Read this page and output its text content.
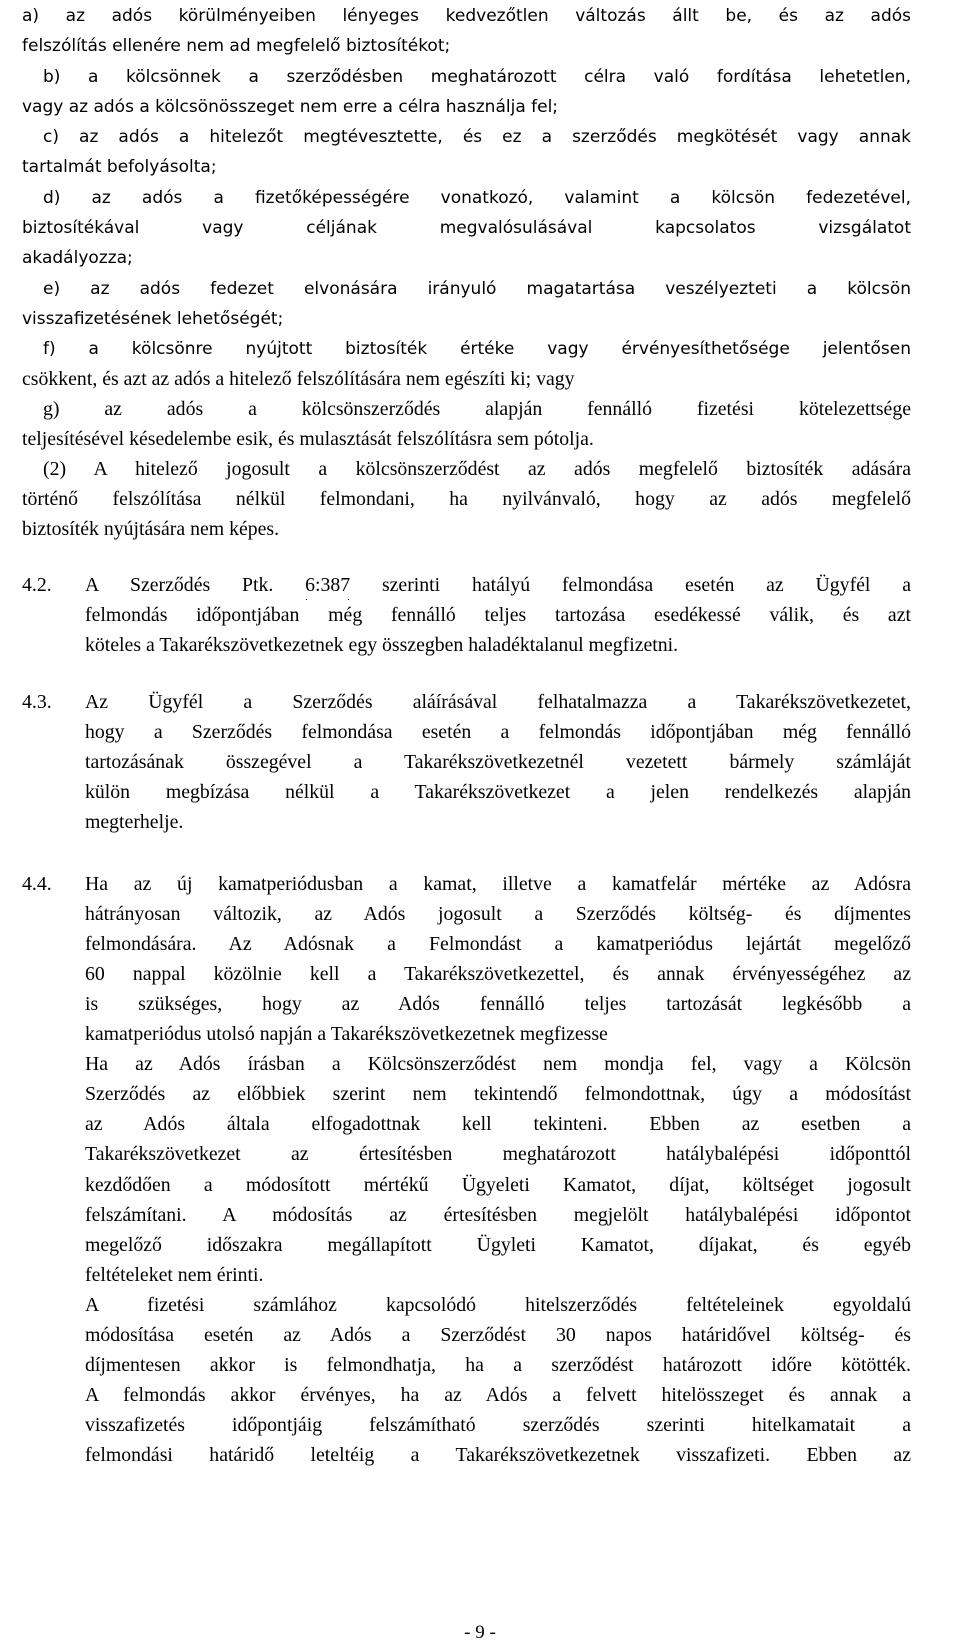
a) az adós körülményeiben lényeges kedvezőtlen változás állt be, és az adós
felszólítás ellenére nem ad megfelelő biztosítékot;
b) a kölcsönnek a szerződésben meghatározott célra való fordítása lehetetlen,
vagy az adós a kölcsönösszeget nem erre a célra használja fel;
c) az adós a hitelezőt megtévesztette, és ez a szerződés megkötését vagy annak
tartalmát befolyásolta;
d) az adós a fizetőképességére vonatkozó, valamint a kölcsön fedezetével,
biztosítékával vagy céljának megvalósulásával kapcsolatos vizsgálatot
akadályozza;
e) az adós fedezet elvonására irányuló magatartása veszélyezteti a kölcsön
visszafizetésének lehetőségét;
f) a kölcsönre nyújtott biztosíték értéke vagy érvényesíthetősége jelentősen
csökkent, és azt az adós a hitelező felszólítására nem egészíti ki; vagy
g) az adós a kölcsönszerződés alapján fennálló fizetési kötelezettsége
teljesítésével késedelembe esik, és mulasztását felszólításra sem pótolja.
(2) A hitelező jogosult a kölcsönszerződést az adós megfelelő biztosíték adására
történő felszólítása nélkül felmondani, ha nyilvánvaló, hogy az adós megfelelő
biztosíték nyújtására nem képes.
4.2. A Szerződés Ptk. 6:387 szerinti hatályú felmondása esetén az Ügyfél a
felmondás időpontjában még fennálló teljes tartozása esedékessé válik, és azt
köteles a Takarékszövetkezetnek egy összegben haladéktalanul megfizetni.
4.3. Az Ügyfél a Szerződés aláírásával felhatalmazza a Takarékszövetkezetet,
hogy a Szerződés felmondása esetén a felmondás időpontjában még fennálló
tartozásának összegével a Takarékszövetkezetnél vezetett bármely számláját
külön megbízása nélkül a Takarékszövetkezet a jelen rendelkezés alapján
megterhelje.
4.4. Ha az új kamatperiódusban a kamat, illetve a kamatfelár mértéke az Adósra
hátrányosan változik, az Adós jogosult a Szerződés költség- és díjmentes
felmondására. Az Adósnak a Felmondást a kamatperiódus lejártát megelőző
60 nappal közölnie kell a Takarékszövetkezettel, és annak érvényességéhez az
is szükséges, hogy az Adós fennálló teljes tartozását legkésőbb a
kamatperiódus utolsó napján a Takarékszövetkezetnek megfizesse
Ha az Adós írásban a Kölcsönszerződést nem mondja fel, vagy a Kölcsön
Szerződés az előbbiek szerint nem tekintendő felmondottnak, úgy a módosítást
az Adós általa elfogadottnak kell tekinteni. Ebben az esetben a
Takarékszövetkezet az értesítésben meghatározott hatálybalépési időponttól
kezdődően a módosított mértékű Ügyeleti Kamatot, díjat, költséget jogosult
felszámítani. A módosítás az értesítésben megjelölt hatálybalépési időpontot
megelőző időszakra megállapított Ügyleti Kamatot, díjakat, és egyéb
feltételeket nem érinti.
A fizetési számlához kapcsolódó hitelszerződés feltételeinek egyoldalú
módosítása esetén az Adós a Szerződést 30 napos határidővel költség- és
díjmentesen akkor is felmondhatja, ha a szerződést határozott időre kötötték.
A felmondás akkor érvényes, ha az Adós a felvett hitelösszeget és annak a
visszafizetés időpontjáig felszámítható szerződés szerinti hitelkamatait a
felmondási határidő leteltéig a Takarékszövetkezetnek visszafizeti. Ebben az
- 9 -
